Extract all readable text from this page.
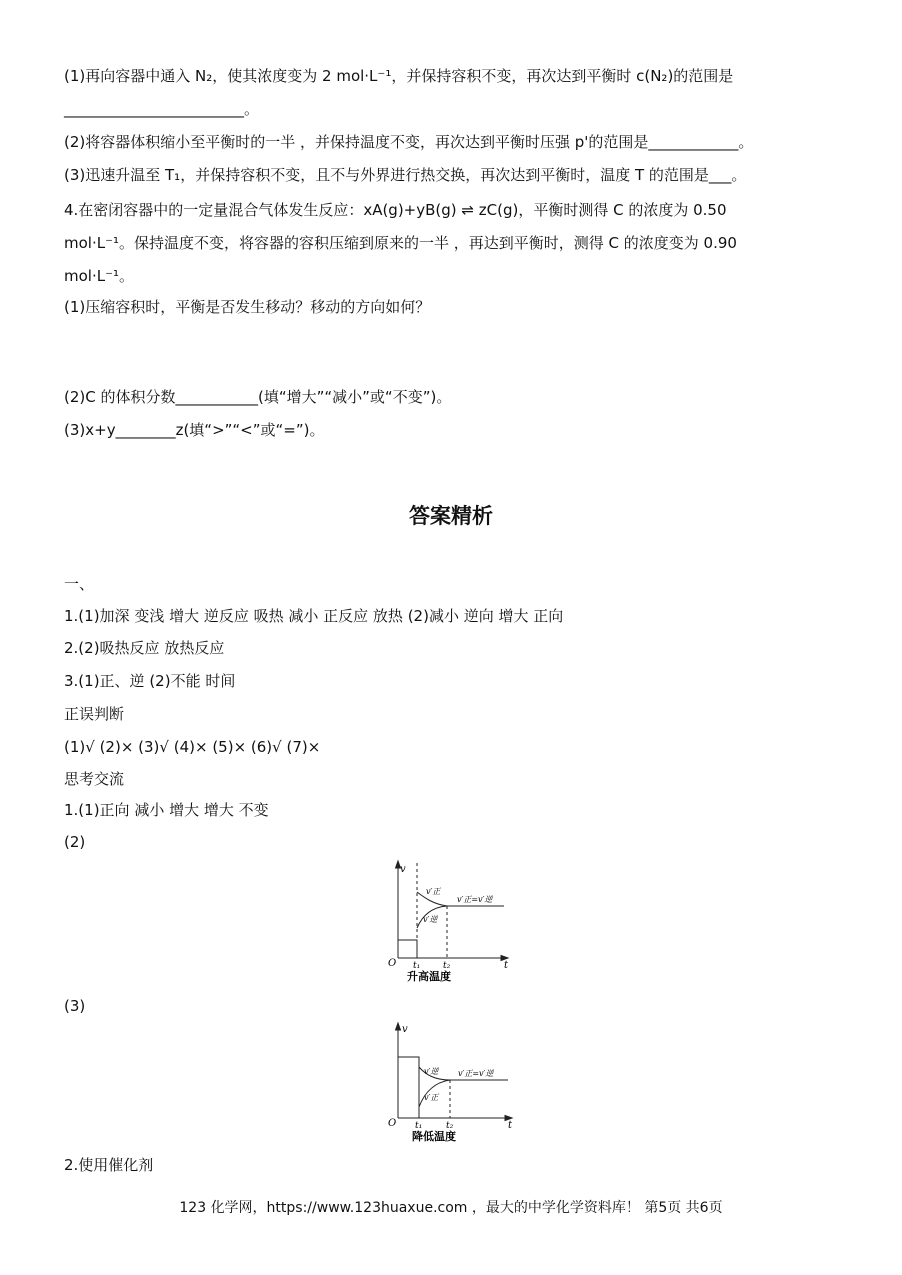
(1)再向容器中通入 N₂，使其浓度变为 2 mol·L⁻¹，并保持容积不变，再次达到平衡时 c(N₂)的范围是
________________________。
(2)将容器体积缩小至平衡时的一半 ，并保持温度不变，再次达到平衡时压强 p'的范围是____________。
(3)迅速升温至 T₁，并保持容积不变，且不与外界进行热交换，再次达到平衡时，温度 T 的范围是___。
4.在密闭容器中的一定量混合气体发生反应：xA(g)+yB(g) ⇌ zC(g)，平衡时测得 C 的浓度为 0.50
mol·L⁻¹。保持温度不变，将容器的容积压缩到原来的一半 ，再达到平衡时，测得 C 的浓度变为 0.90
mol·L⁻¹。
(1)压缩容积时，平衡是否发生移动？移动的方向如何？
(2)C 的体积分数___________(填“增大”“减小”或“不变”)。
(3)x+y________z(填“>”“<”或“=”)。
答案精析
一、
1.(1)加深 变浅 增大 逆反应 吸热 减小 正反应 放热 (2)减小 逆向 增大 正向
2.(2)吸热反应 放热反应
3.(1)正、逆 (2)不能 时间
正误判断
(1)√ (2)× (3)√ (4)× (5)× (6)√ (7)×
思考交流
1.(1)正向 减小 增大 增大 不变
(2)
v
t
O t₁	t₂
v′正
v′逆
v′正=v′逆
升高温度
(3)
v
t
O t₁	t₂
v′逆
v′正
v′正=v′逆
降低温度
2.使用催化剂
123 化学网，https://www.123huaxue.com ，最大的中学化学资料库！ 第5页 共6页
